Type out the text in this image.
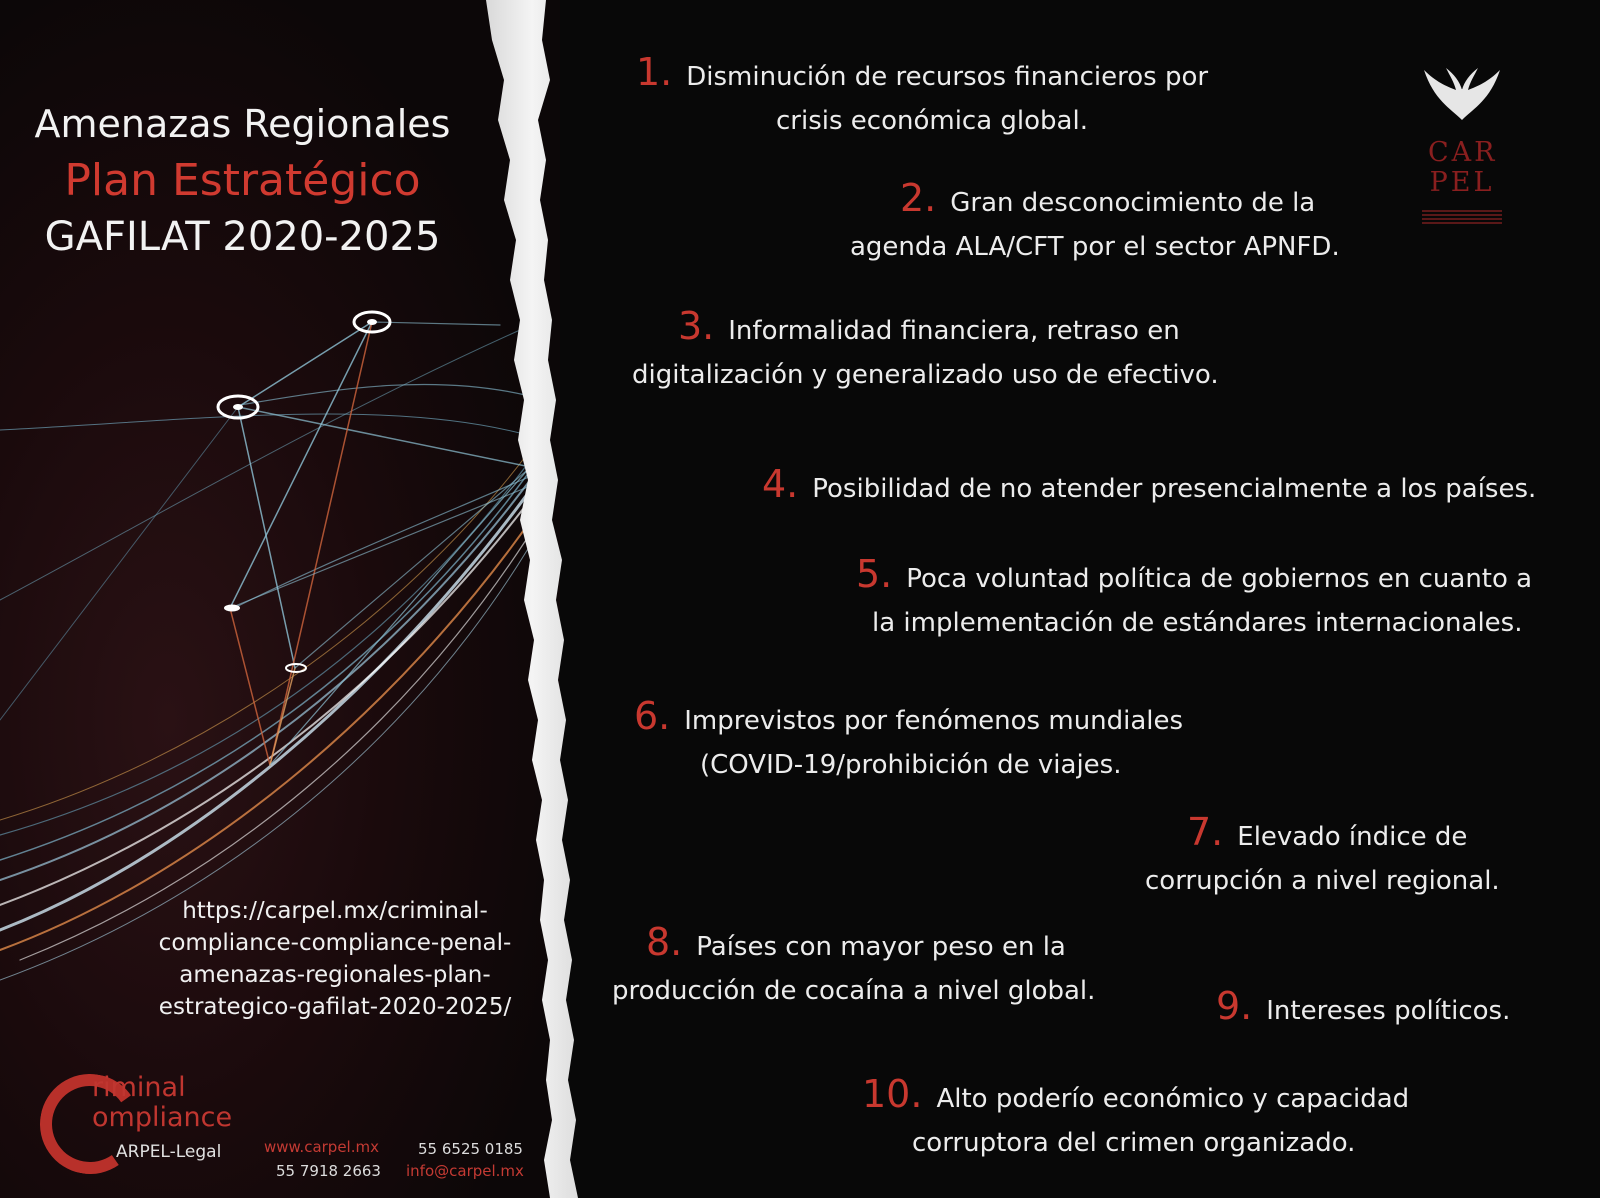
Amenazas Regionales
Plan Estratégico
GAFILAT 2020-2025
https://carpel.mx/criminal-
compliance-compliance-penal-
amenazas-regionales-plan-
estrategico-gafilat-2020-2025/
riminal
ompliance
ARPEL-Legal	www.carpel.mx
55 7918 2663
55 6525 0185
info@carpel.mx
CAR
PEL
1. Disminución de recursos financieros por
crisis económica global.
2. Gran desconocimiento de la
agenda ALA/CFT por el sector APNFD.
3. Informalidad financiera, retraso en
digitalización y generalizado uso de efectivo.
4. Posibilidad de no atender presencialmente a los países.
5. Poca voluntad política de gobiernos en cuanto a
la implementación de estándares internacionales.
6. Imprevistos por fenómenos mundiales
(COVID-19/prohibición de viajes.
7. Elevado índice de
corrupción a nivel regional.
8. Países con mayor peso en la
producción de cocaína a nivel global.	9. Intereses políticos.
10. Alto poderío económico y capacidad
corruptora del crimen organizado.
